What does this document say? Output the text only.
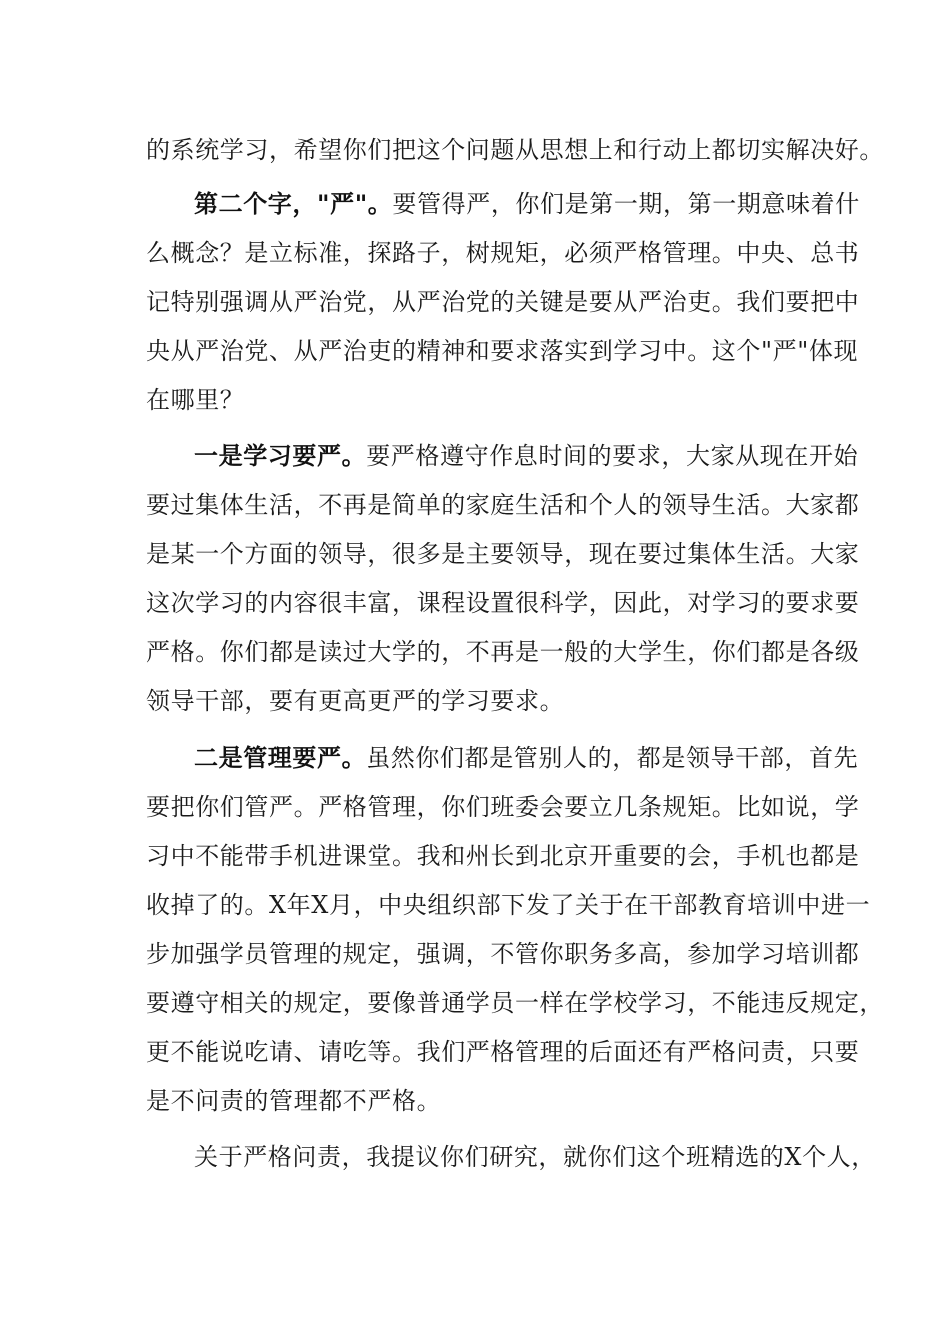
的系统学习，希望你们把这个问题从思想上和行动上都切实解决好。
第二个字，"严"。要管得严，你们是第一期，第一期意味着什
么概念？是立标准，探路子，树规矩，必须严格管理。中央、总书
记特别强调从严治党，从严治党的关键是要从严治吏。我们要把中
央从严治党、从严治吏的精神和要求落实到学习中。这个"严"体现
在哪里？
一是学习要严。要严格遵守作息时间的要求，大家从现在开始
要过集体生活，不再是简单的家庭生活和个人的领导生活。大家都
是某一个方面的领导，很多是主要领导，现在要过集体生活。大家
这次学习的内容很丰富，课程设置很科学，因此，对学习的要求要
严格。你们都是读过大学的，不再是一般的大学生，你们都是各级
领导干部，要有更高更严的学习要求。
二是管理要严。虽然你们都是管别人的，都是领导干部，首先
要把你们管严。严格管理，你们班委会要立几条规矩。比如说，学
习中不能带手机进课堂。我和州长到北京开重要的会，手机也都是
收掉了的。X年X月，中央组织部下发了关于在干部教育培训中进一
步加强学员管理的规定，强调，不管你职务多高，参加学习培训都
要遵守相关的规定，要像普通学员一样在学校学习，不能违反规定，
更不能说吃请、请吃等。我们严格管理的后面还有严格问责，只要
是不问责的管理都不严格。
关于严格问责，我提议你们研究，就你们这个班精选的X个人，
